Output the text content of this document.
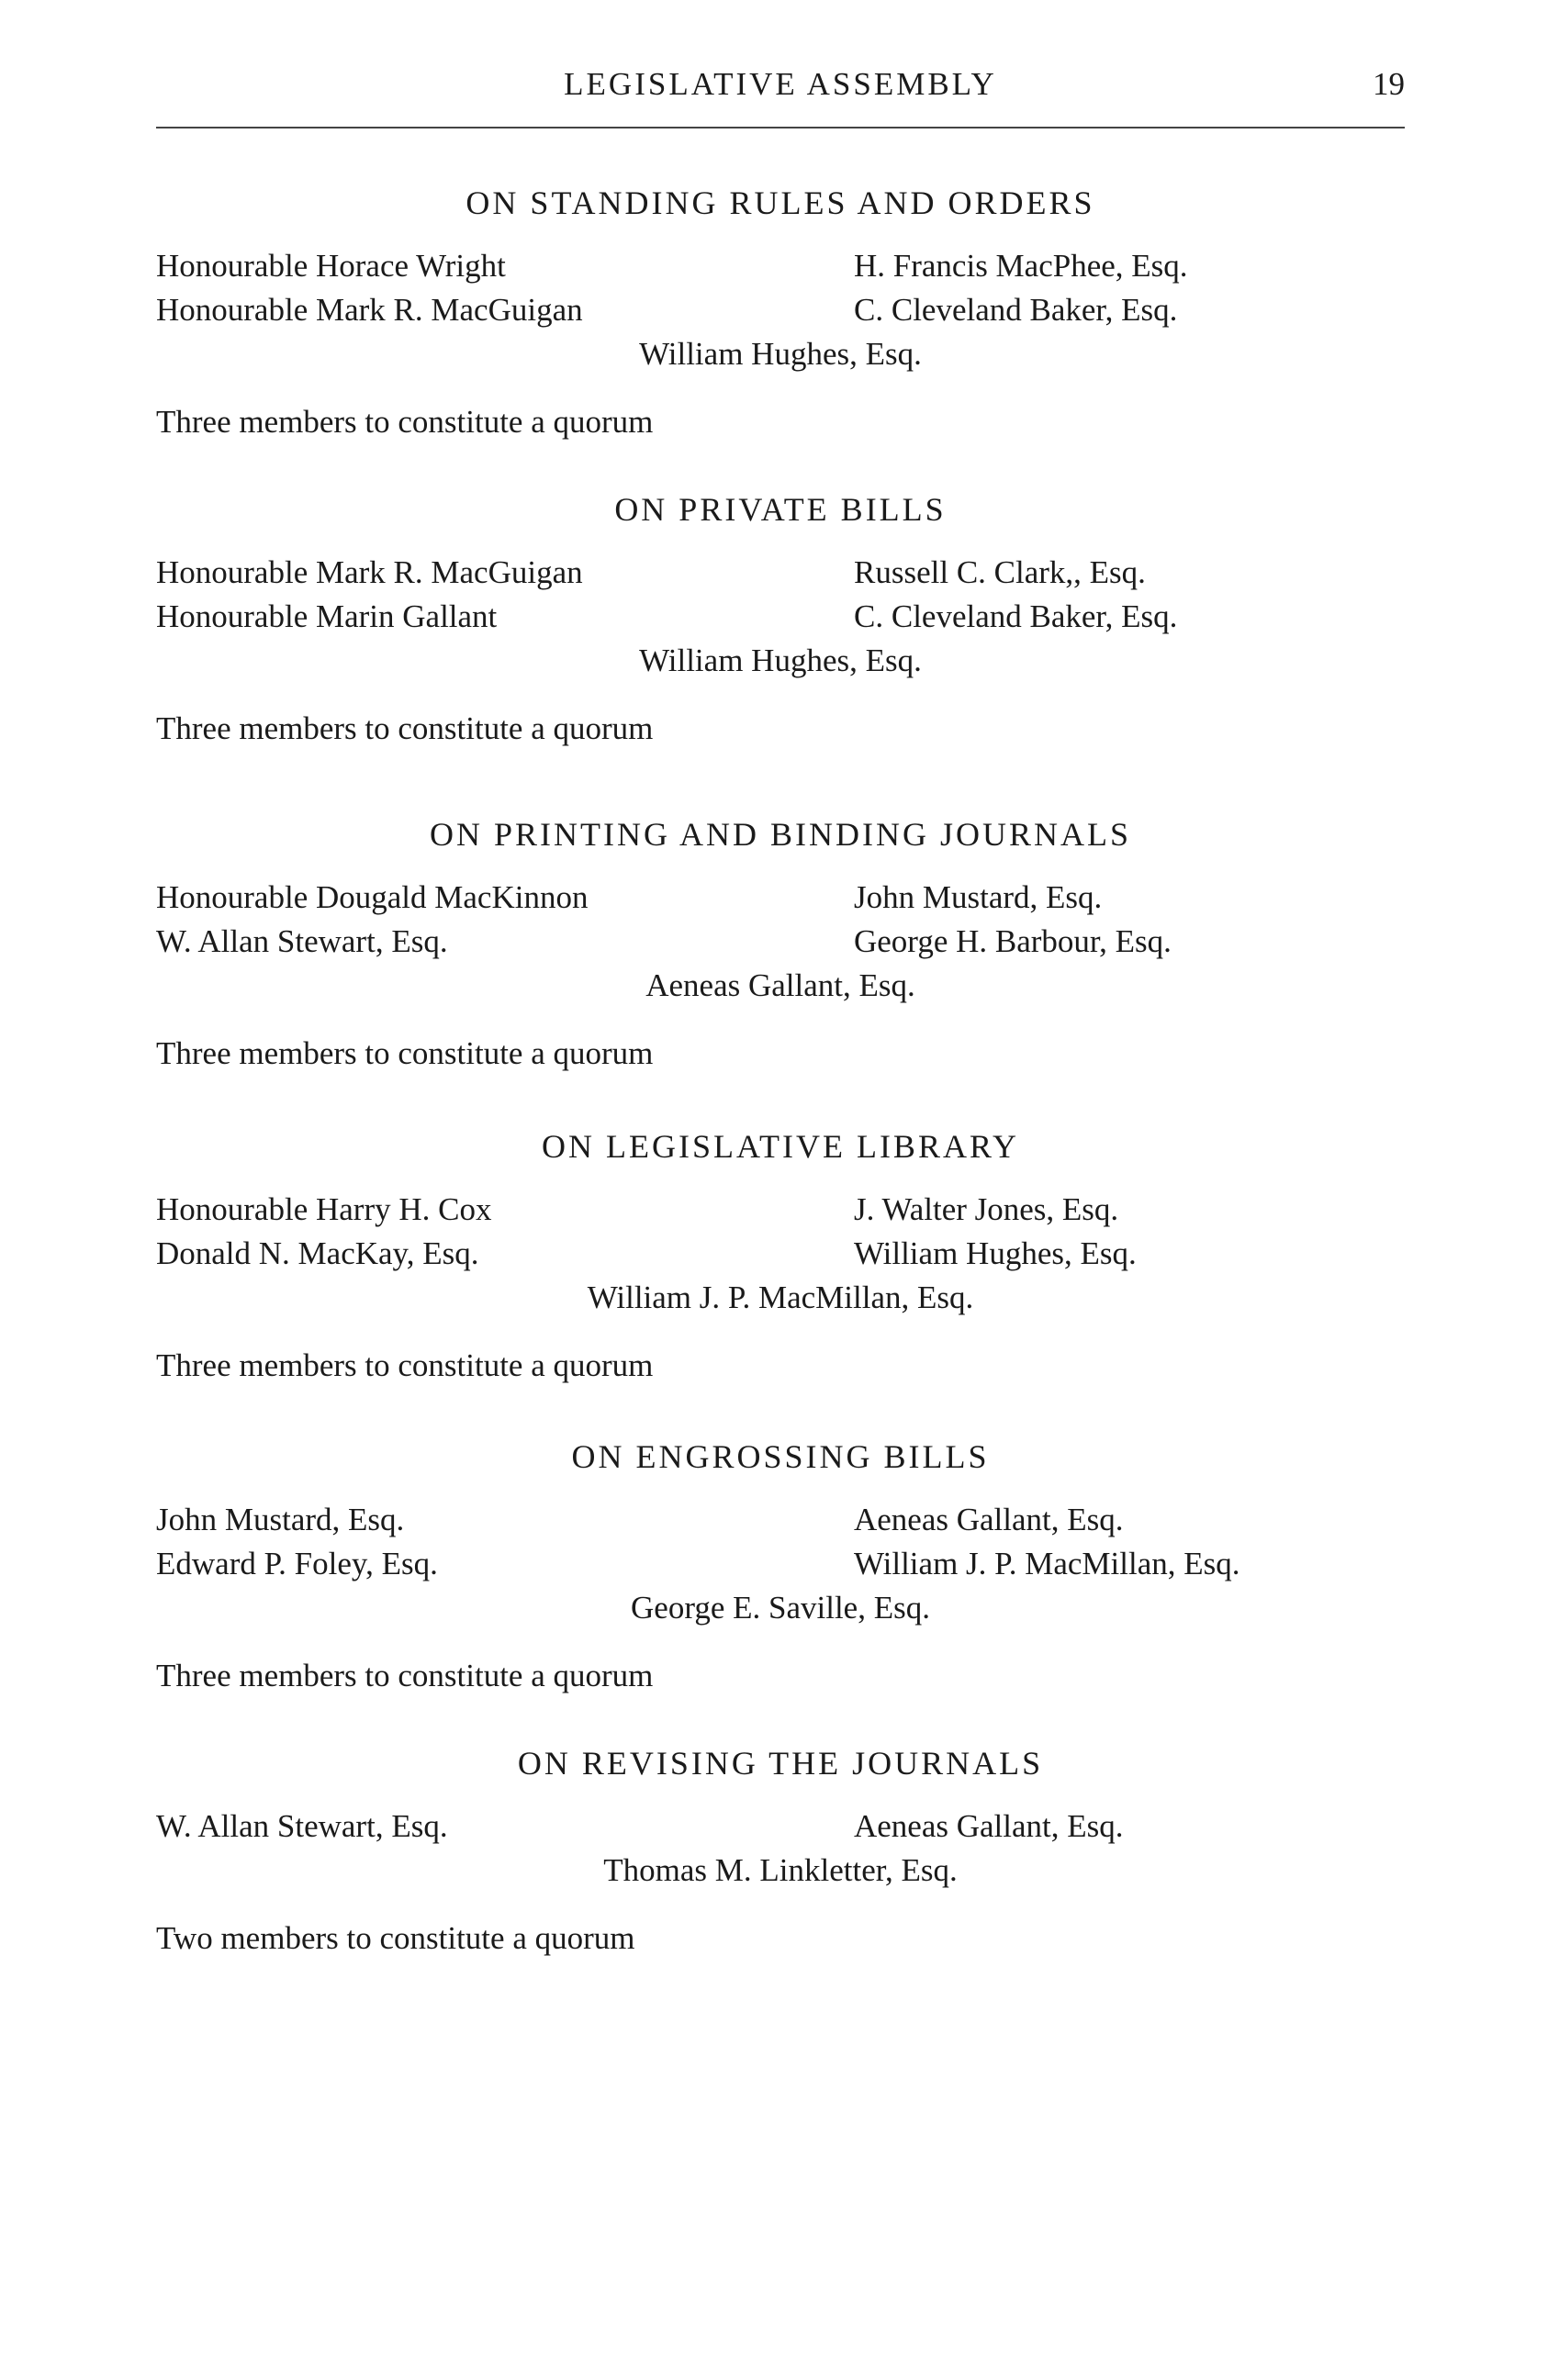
LEGISLATIVE ASSEMBLY	19
ON STANDING RULES AND ORDERS
Honourable Horace Wright	H. Francis MacPhee, Esq.
Honourable Mark R. MacGuigan	C. Cleveland Baker, Esq.
William Hughes, Esq.
Three members to constitute a quorum
ON PRIVATE BILLS
Honourable Mark R. MacGuigan	Russell C. Clark,, Esq.
Honourable Marin Gallant	C. Cleveland Baker, Esq.
William Hughes, Esq.
Three members to constitute a quorum
ON PRINTING AND BINDING JOURNALS
Honourable Dougald MacKinnon	John Mustard, Esq.
W. Allan Stewart, Esq.	George H. Barbour, Esq.
Aeneas Gallant, Esq.
Three members to constitute a quorum
ON LEGISLATIVE LIBRARY
Honourable Harry H. Cox	J. Walter Jones, Esq.
Donald N. MacKay, Esq.	William Hughes, Esq.
William J. P. MacMillan, Esq.
Three members to constitute a quorum
ON ENGROSSING BILLS
John Mustard, Esq.	Aeneas Gallant, Esq.
Edward P. Foley, Esq.	William J. P. MacMillan, Esq.
George E. Saville, Esq.
Three members to constitute a quorum
ON REVISING THE JOURNALS
W. Allan Stewart, Esq.	Aeneas Gallant, Esq.
Thomas M. Linkletter, Esq.
Two members to constitute a quorum
